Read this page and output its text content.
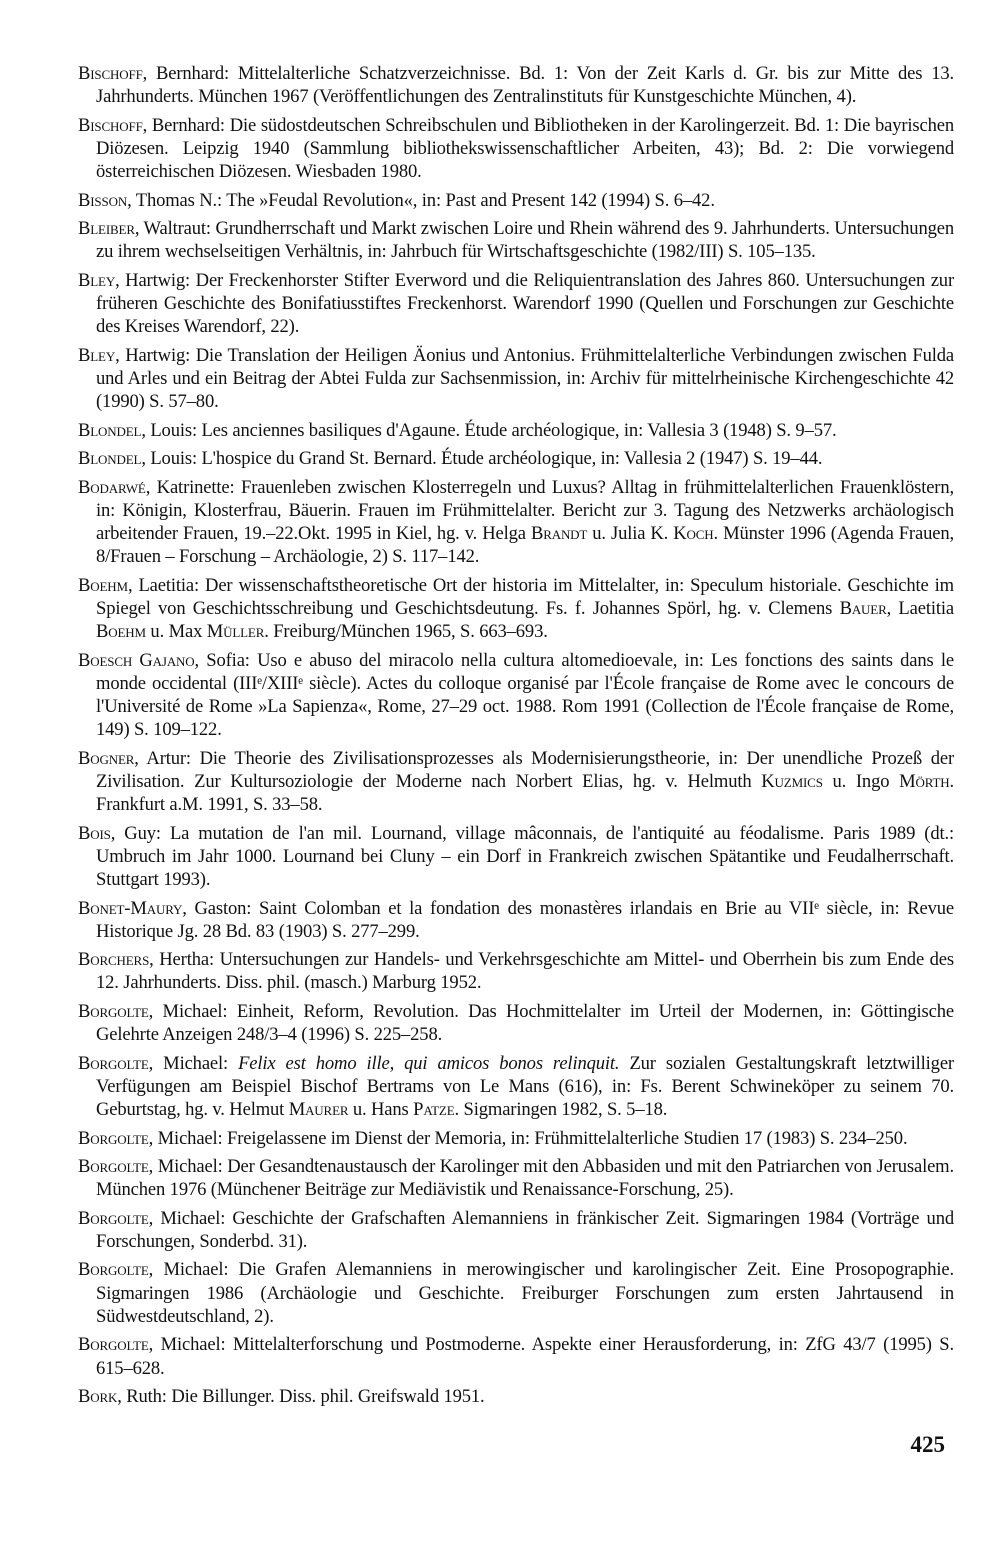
Bischoff, Bernhard: Mittelalterliche Schatzverzeichnisse. Bd. 1: Von der Zeit Karls d. Gr. bis zur Mitte des 13. Jahrhunderts. München 1967 (Veröffentlichungen des Zentralinstituts für Kunstgeschichte München, 4).

Bischoff, Bernhard: Die südostdeutschen Schreibschulen und Bibliotheken in der Karolingerzeit. Bd. 1: Die bayrischen Diözesen. Leipzig 1940 (Sammlung bibliothekswissenschaftlicher Arbeiten, 43); Bd. 2: Die vorwiegend österreichischen Diözesen. Wiesbaden 1980.

Bisson, Thomas N.: The »Feudal Revolution«, in: Past and Present 142 (1994) S. 6–42.

Bleiber, Waltraut: Grundherrschaft und Markt zwischen Loire und Rhein während des 9. Jahrhunderts. Untersuchungen zu ihrem wechselseitigen Verhältnis, in: Jahrbuch für Wirtschaftsgeschichte (1982/III) S. 105–135.

Bley, Hartwig: Der Freckenhorster Stifter Everword und die Reliquientranslation des Jahres 860. Untersuchungen zur früheren Geschichte des Bonifatiusstiftes Freckenhorst. Warendorf 1990 (Quellen und Forschungen zur Geschichte des Kreises Warendorf, 22).

Bley, Hartwig: Die Translation der Heiligen Äonius und Antonius. Frühmittelalterliche Verbindungen zwischen Fulda und Arles und ein Beitrag der Abtei Fulda zur Sachsenmission, in: Archiv für mittelrheinische Kirchengeschichte 42 (1990) S. 57–80.

Blondel, Louis: Les anciennes basiliques d'Agaune. Étude archéologique, in: Vallesia 3 (1948) S. 9–57.

Blondel, Louis: L'hospice du Grand St. Bernard. Étude archéologique, in: Vallesia 2 (1947) S. 19–44.

Bodarwé, Katrinette: Frauenleben zwischen Klosterregeln und Luxus? Alltag in frühmittelalterlichen Frauenklöstern, in: Königin, Klosterfrau, Bäuerin. Frauen im Frühmittelalter. Bericht zur 3. Tagung des Netzwerks archäologisch arbeitender Frauen, 19.–22.Okt. 1995 in Kiel, hg. v. Helga Brandt u. Julia K. Koch. Münster 1996 (Agenda Frauen, 8/Frauen – Forschung – Archäologie, 2) S. 117–142.

Boehm, Laetitia: Der wissenschaftstheoretische Ort der historia im Mittelalter, in: Speculum historiale. Geschichte im Spiegel von Geschichtsschreibung und Geschichtsdeutung. Fs. f. Johannes Spörl, hg. v. Clemens Bauer, Laetitia Boehm u. Max Müller. Freiburg/München 1965, S. 663–693.

Boesch Gajano, Sofia: Uso e abuso del miracolo nella cultura altomedioevale, in: Les fonctions des saints dans le monde occidental (IIIᵉ/XIIIᵉ siècle). Actes du colloque organisé par l'École française de Rome avec le concours de l'Université de Rome »La Sapienza«, Rome, 27–29 oct. 1988. Rom 1991 (Collection de l'École française de Rome, 149) S. 109–122.

Bogner, Artur: Die Theorie des Zivilisationsprozesses als Modernisierungstheorie, in: Der unendliche Prozeß der Zivilisation. Zur Kultursoziologie der Moderne nach Norbert Elias, hg. v. Helmuth Kuzmics u. Ingo Mörth. Frankfurt a.M. 1991, S. 33–58.

Bois, Guy: La mutation de l'an mil. Lournand, village mâconnais, de l'antiquité au féodalisme. Paris 1989 (dt.: Umbruch im Jahr 1000. Lournand bei Cluny – ein Dorf in Frankreich zwischen Spätantike und Feudalherrschaft. Stuttgart 1993).

Bonet-Maury, Gaston: Saint Colomban et la fondation des monastères irlandais en Brie au VIIᵉ siècle, in: Revue Historique Jg. 28 Bd. 83 (1903) S. 277–299.

Borchers, Hertha: Untersuchungen zur Handels- und Verkehrsgeschichte am Mittel- und Oberrhein bis zum Ende des 12. Jahrhunderts. Diss. phil. (masch.) Marburg 1952.

Borgolte, Michael: Einheit, Reform, Revolution. Das Hochmittelalter im Urteil der Modernen, in: Göttingische Gelehrte Anzeigen 248/3–4 (1996) S. 225–258.

Borgolte, Michael: Felix est homo ille, qui amicos bonos relinquit. Zur sozialen Gestaltungskraft letztwilliger Verfügungen am Beispiel Bischof Bertrams von Le Mans (616), in: Fs. Berent Schwineköper zu seinem 70. Geburtstag, hg. v. Helmut Maurer u. Hans Patze. Sigmaringen 1982, S. 5–18.

Borgolte, Michael: Freigelassene im Dienst der Memoria, in: Frühmittelalterliche Studien 17 (1983) S. 234–250.

Borgolte, Michael: Der Gesandtenaustausch der Karolinger mit den Abbasiden und mit den Patriarchen von Jerusalem. München 1976 (Münchener Beiträge zur Mediävistik und Renaissance-Forschung, 25).

Borgolte, Michael: Geschichte der Grafschaften Alemanniens in fränkischer Zeit. Sigmaringen 1984 (Vorträge und Forschungen, Sonderbd. 31).

Borgolte, Michael: Die Grafen Alemanniens in merowingischer und karolingischer Zeit. Eine Prosopographie. Sigmaringen 1986 (Archäologie und Geschichte. Freiburger Forschungen zum ersten Jahrtausend in Südwestdeutschland, 2).

Borgolte, Michael: Mittelalterforschung und Postmoderne. Aspekte einer Herausforderung, in: ZfG 43/7 (1995) S. 615–628.

Bork, Ruth: Die Billunger. Diss. phil. Greifswald 1951.

425
